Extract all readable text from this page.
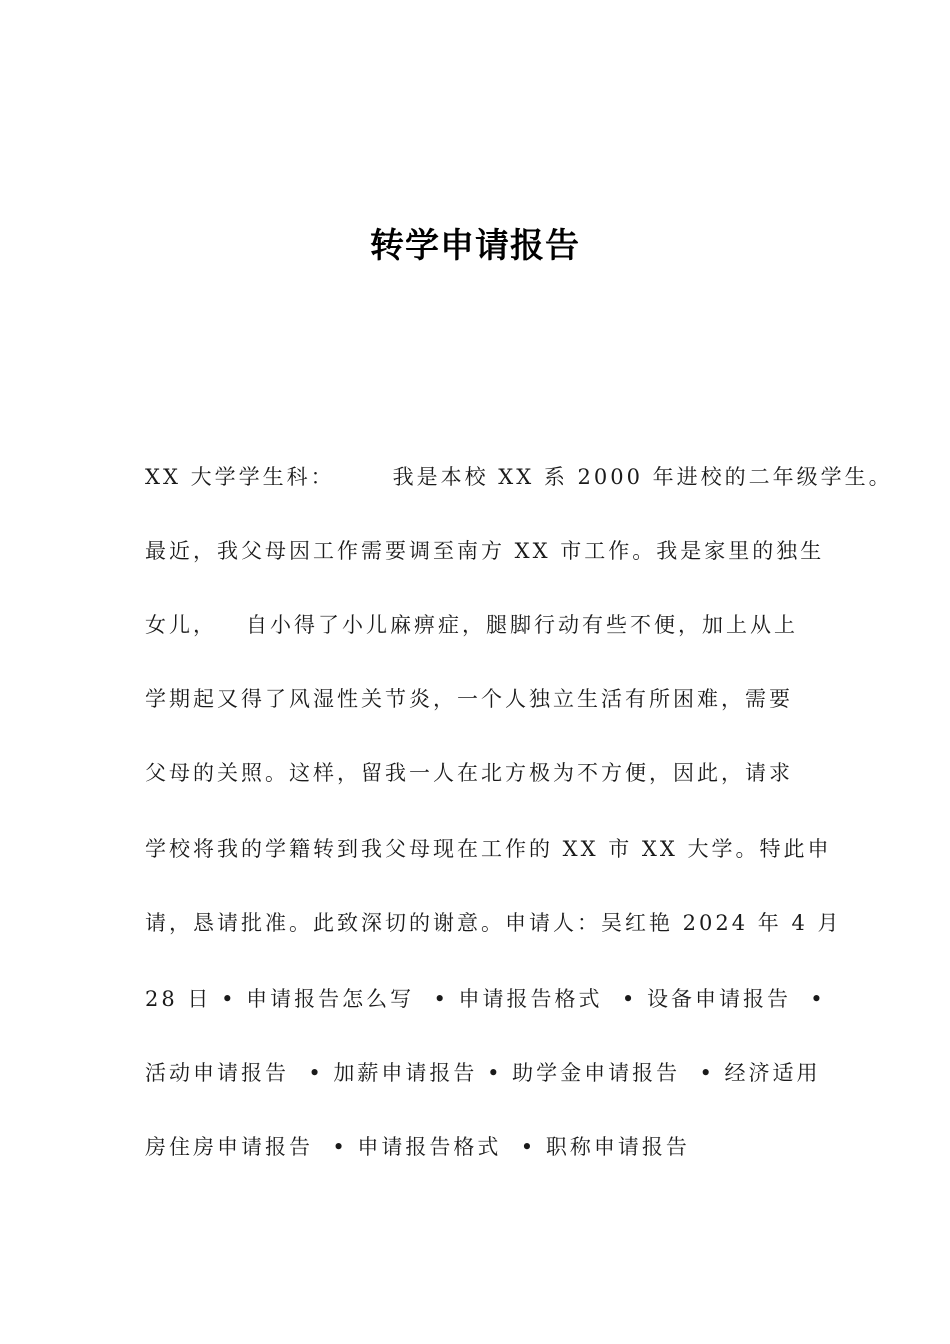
转学申请报告
XX 大学学生科：      我是本校 XX 系 2000 年进校的二年级学生。
最近，我父母因工作需要调至南方 XX 市工作。我是家里的独生
女儿，   自小得了小儿麻痹症，腿脚行动有些不便，加上从上
学期起又得了风湿性关节炎，一个人独立生活有所困难，需要
父母的关照。这样，留我一人在北方极为不方便，因此，请求
学校将我的学籍转到我父母现在工作的 XX 市 XX 大学。特此申
请，恳请批准。此致深切的谢意。申请人：吴红艳 2024 年 4 月
28 日 • 申请报告怎么写  • 申请报告格式  • 设备申请报告  •
活动申请报告  • 加薪申请报告 • 助学金申请报告  • 经济适用
房住房申请报告  • 申请报告格式  • 职称申请报告
